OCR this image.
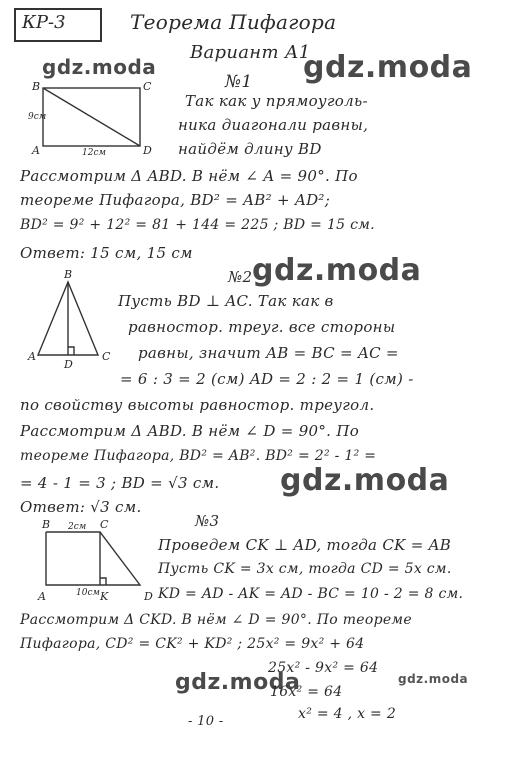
КР-3	Теорема Пифагора
Вариант А1
gdz.moda	gdz.moda
gdz.moda
gdz.moda
gdz.moda	gdz.moda
B	C
A	D
9см
12см
B
A	C
D
B	C
2см
A	K	D
10см
№1
Так как у прямоуголь-
ника диагонали равны,
найдём длину BD
Рассмотрим Δ ABD. В нём ∠ A = 90°. По
теореме Пифагора, BD² = AB² + AD²;
BD² = 9² + 12² = 81 + 144 = 225 ; BD = 15 см.
Ответ: 15 см, 15 см
№2
Пусть BD ⊥ AC. Так как в
равностор. треуг. все стороны
равны, значит AB = BC = AC =
= 6 : 3 = 2 (см) AD = 2 : 2 = 1 (см) -
по свойству высоты равностор. треугол.
Рассмотрим Δ ABD. В нём ∠ D = 90°. По
теореме Пифагора, BD² = AB². BD² = 2² - 1² =
= 4 - 1 = 3 ; BD = √3 см.
Ответ: √3 см.
№3
Проведем CK ⊥ AD, тогда CK = AB
Пусть CK = 3x см, тогда CD = 5x см.
KD = AD - AK = AD - BC = 10 - 2 = 8 см.
Рассмотрим Δ CKD. В нём ∠ D = 90°. По теореме
Пифагора, CD² = CK² + KD² ; 25x² = 9x² + 64
25x² - 9x² = 64
16x² = 64
x² = 4 , x = 2
- 10 -
